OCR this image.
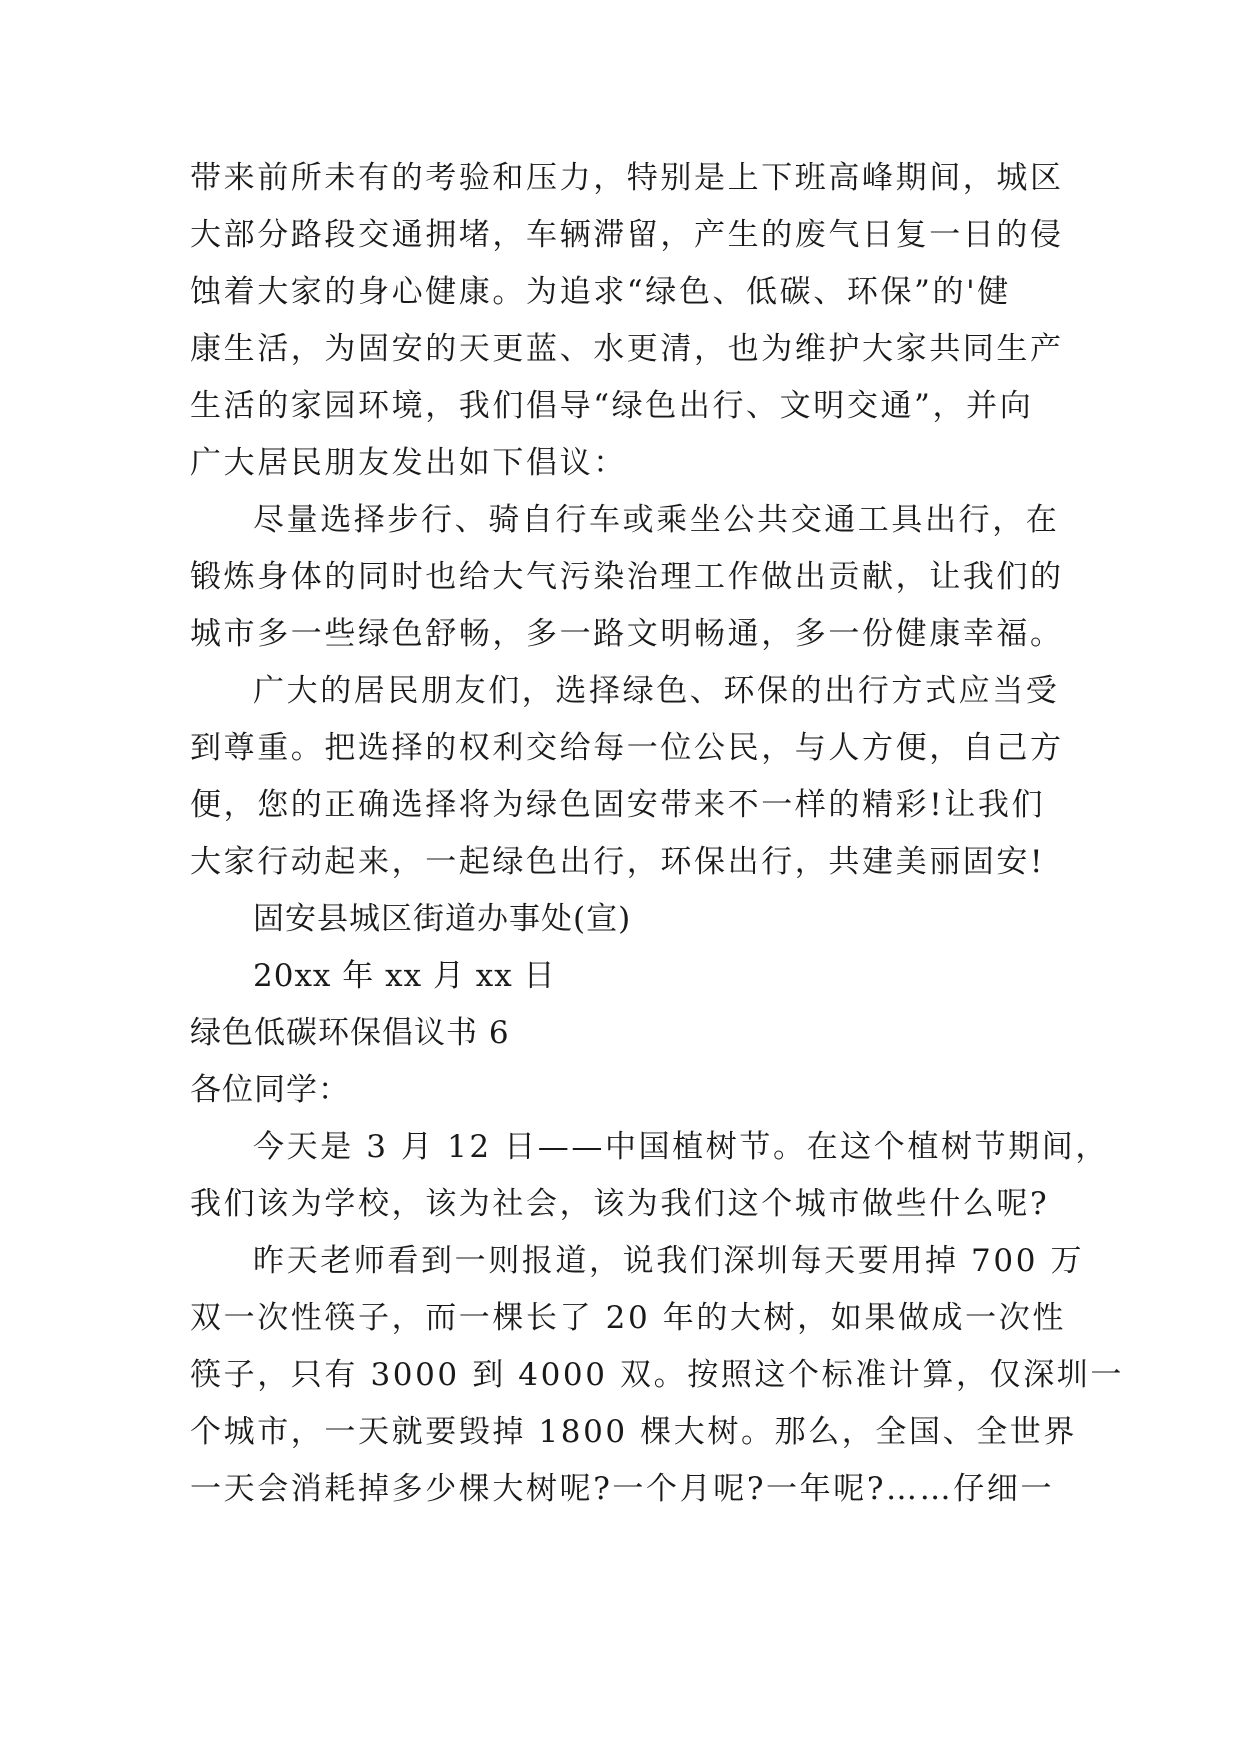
带来前所未有的考验和压力，特别是上下班高峰期间，城区
大部分路段交通拥堵，车辆滞留，产生的废气日复一日的侵
蚀着大家的身心健康。为追求“绿色、低碳、环保”的'健
康生活，为固安的天更蓝、水更清，也为维护大家共同生产
生活的家园环境，我们倡导“绿色出行、文明交通”，并向
广大居民朋友发出如下倡议：
尽量选择步行、骑自行车或乘坐公共交通工具出行，在
锻炼身体的同时也给大气污染治理工作做出贡献，让我们的
城市多一些绿色舒畅，多一路文明畅通，多一份健康幸福。
广大的居民朋友们，选择绿色、环保的出行方式应当受
到尊重。把选择的权利交给每一位公民，与人方便，自己方
便，您的正确选择将为绿色固安带来不一样的精彩!让我们
大家行动起来，一起绿色出行，环保出行，共建美丽固安!
固安县城区街道办事处(宣)
20xx 年 xx 月 xx 日
绿色低碳环保倡议书 6
各位同学：
今天是 3 月 12 日——中国植树节。在这个植树节期间，
我们该为学校，该为社会，该为我们这个城市做些什么呢?
昨天老师看到一则报道，说我们深圳每天要用掉 700 万
双一次性筷子，而一棵长了 20 年的大树，如果做成一次性
筷子，只有 3000 到 4000 双。按照这个标准计算，仅深圳一
个城市，一天就要毁掉 1800 棵大树。那么，全国、全世界
一天会消耗掉多少棵大树呢?一个月呢?一年呢?……仔细一
